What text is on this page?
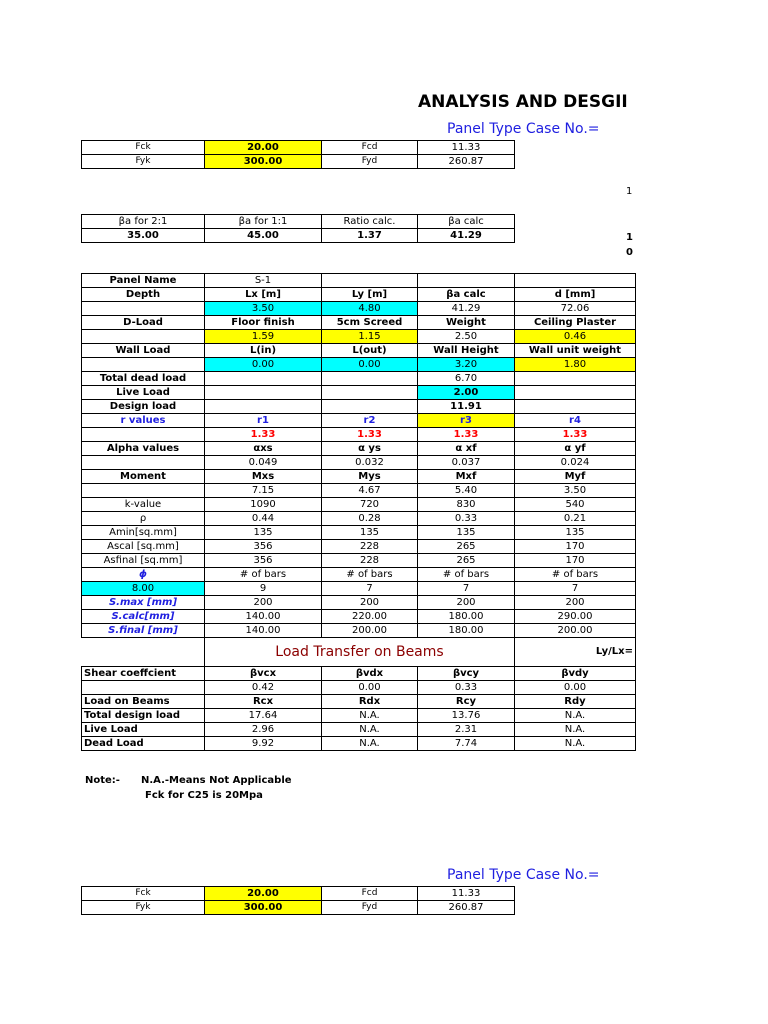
ANALYSIS AND DESGII
Panel Type Case No.=
Fck	20.00	Fcd	11.33
Fyk	300.00	Fyd	260.87
1
βa for 2:1	βa for 1:1	Ratio calc.	βa calc
35.00	45.00	1.37	41.29	1
0
Panel Name	S-1			
Depth	Lx [m]	Ly [m]	βa calc	d [mm]
	3.50	4.80	41.29	72.06
D-Load	Floor finish	5cm Screed	Weight	Ceiling Plaster
	1.59	1.15	2.50	0.46
Wall Load	L(in)	L(out)	Wall Height	Wall unit weight
	0.00	0.00	3.20	1.80
Total dead load			6.70	
Live Load			2.00	
Design load			11.91	
r values	r1	r2	r3	r4
	1.33	1.33	1.33	1.33
Alpha values	αxs	α ys	α xf	α yf
	0.049	0.032	0.037	0.024
Moment	Mxs	Mys	Mxf	Myf
	7.15	4.67	5.40	3.50
k-value	1090	720	830	540
ρ	0.44	0.28	0.33	0.21
Amin[sq.mm]	135	135	135	135
Ascal [sq.mm]	356	228	265	170
Asfinal [sq.mm]	356	228	265	170
ϕ	# of bars	# of bars	# of bars	# of bars
8.00	9	7	7	7
S.max [mm]	200	200	200	200
S.calc[mm]	140.00	220.00	180.00	290.00
S.final [mm]	140.00	200.00	180.00	200.00
	Load Transfer on Beams			Ly/Lx=
Shear coeffcient	βvcx	βvdx	βvcy	βvdy
	0.42	0.00	0.33	0.00
Load on Beams	Rcx	Rdx	Rcy	Rdy
Total design load	17.64	N.A.	13.76	N.A.
Live Load	2.96	N.A.	2.31	N.A.
Dead Load	9.92	N.A.	7.74	N.A.
Note:- N.A.-Means Not Applicable
Fck for C25 is 20Mpa
Panel Type Case No.=
Fck	20.00	Fcd	11.33
Fyk	300.00	Fyd	260.87
